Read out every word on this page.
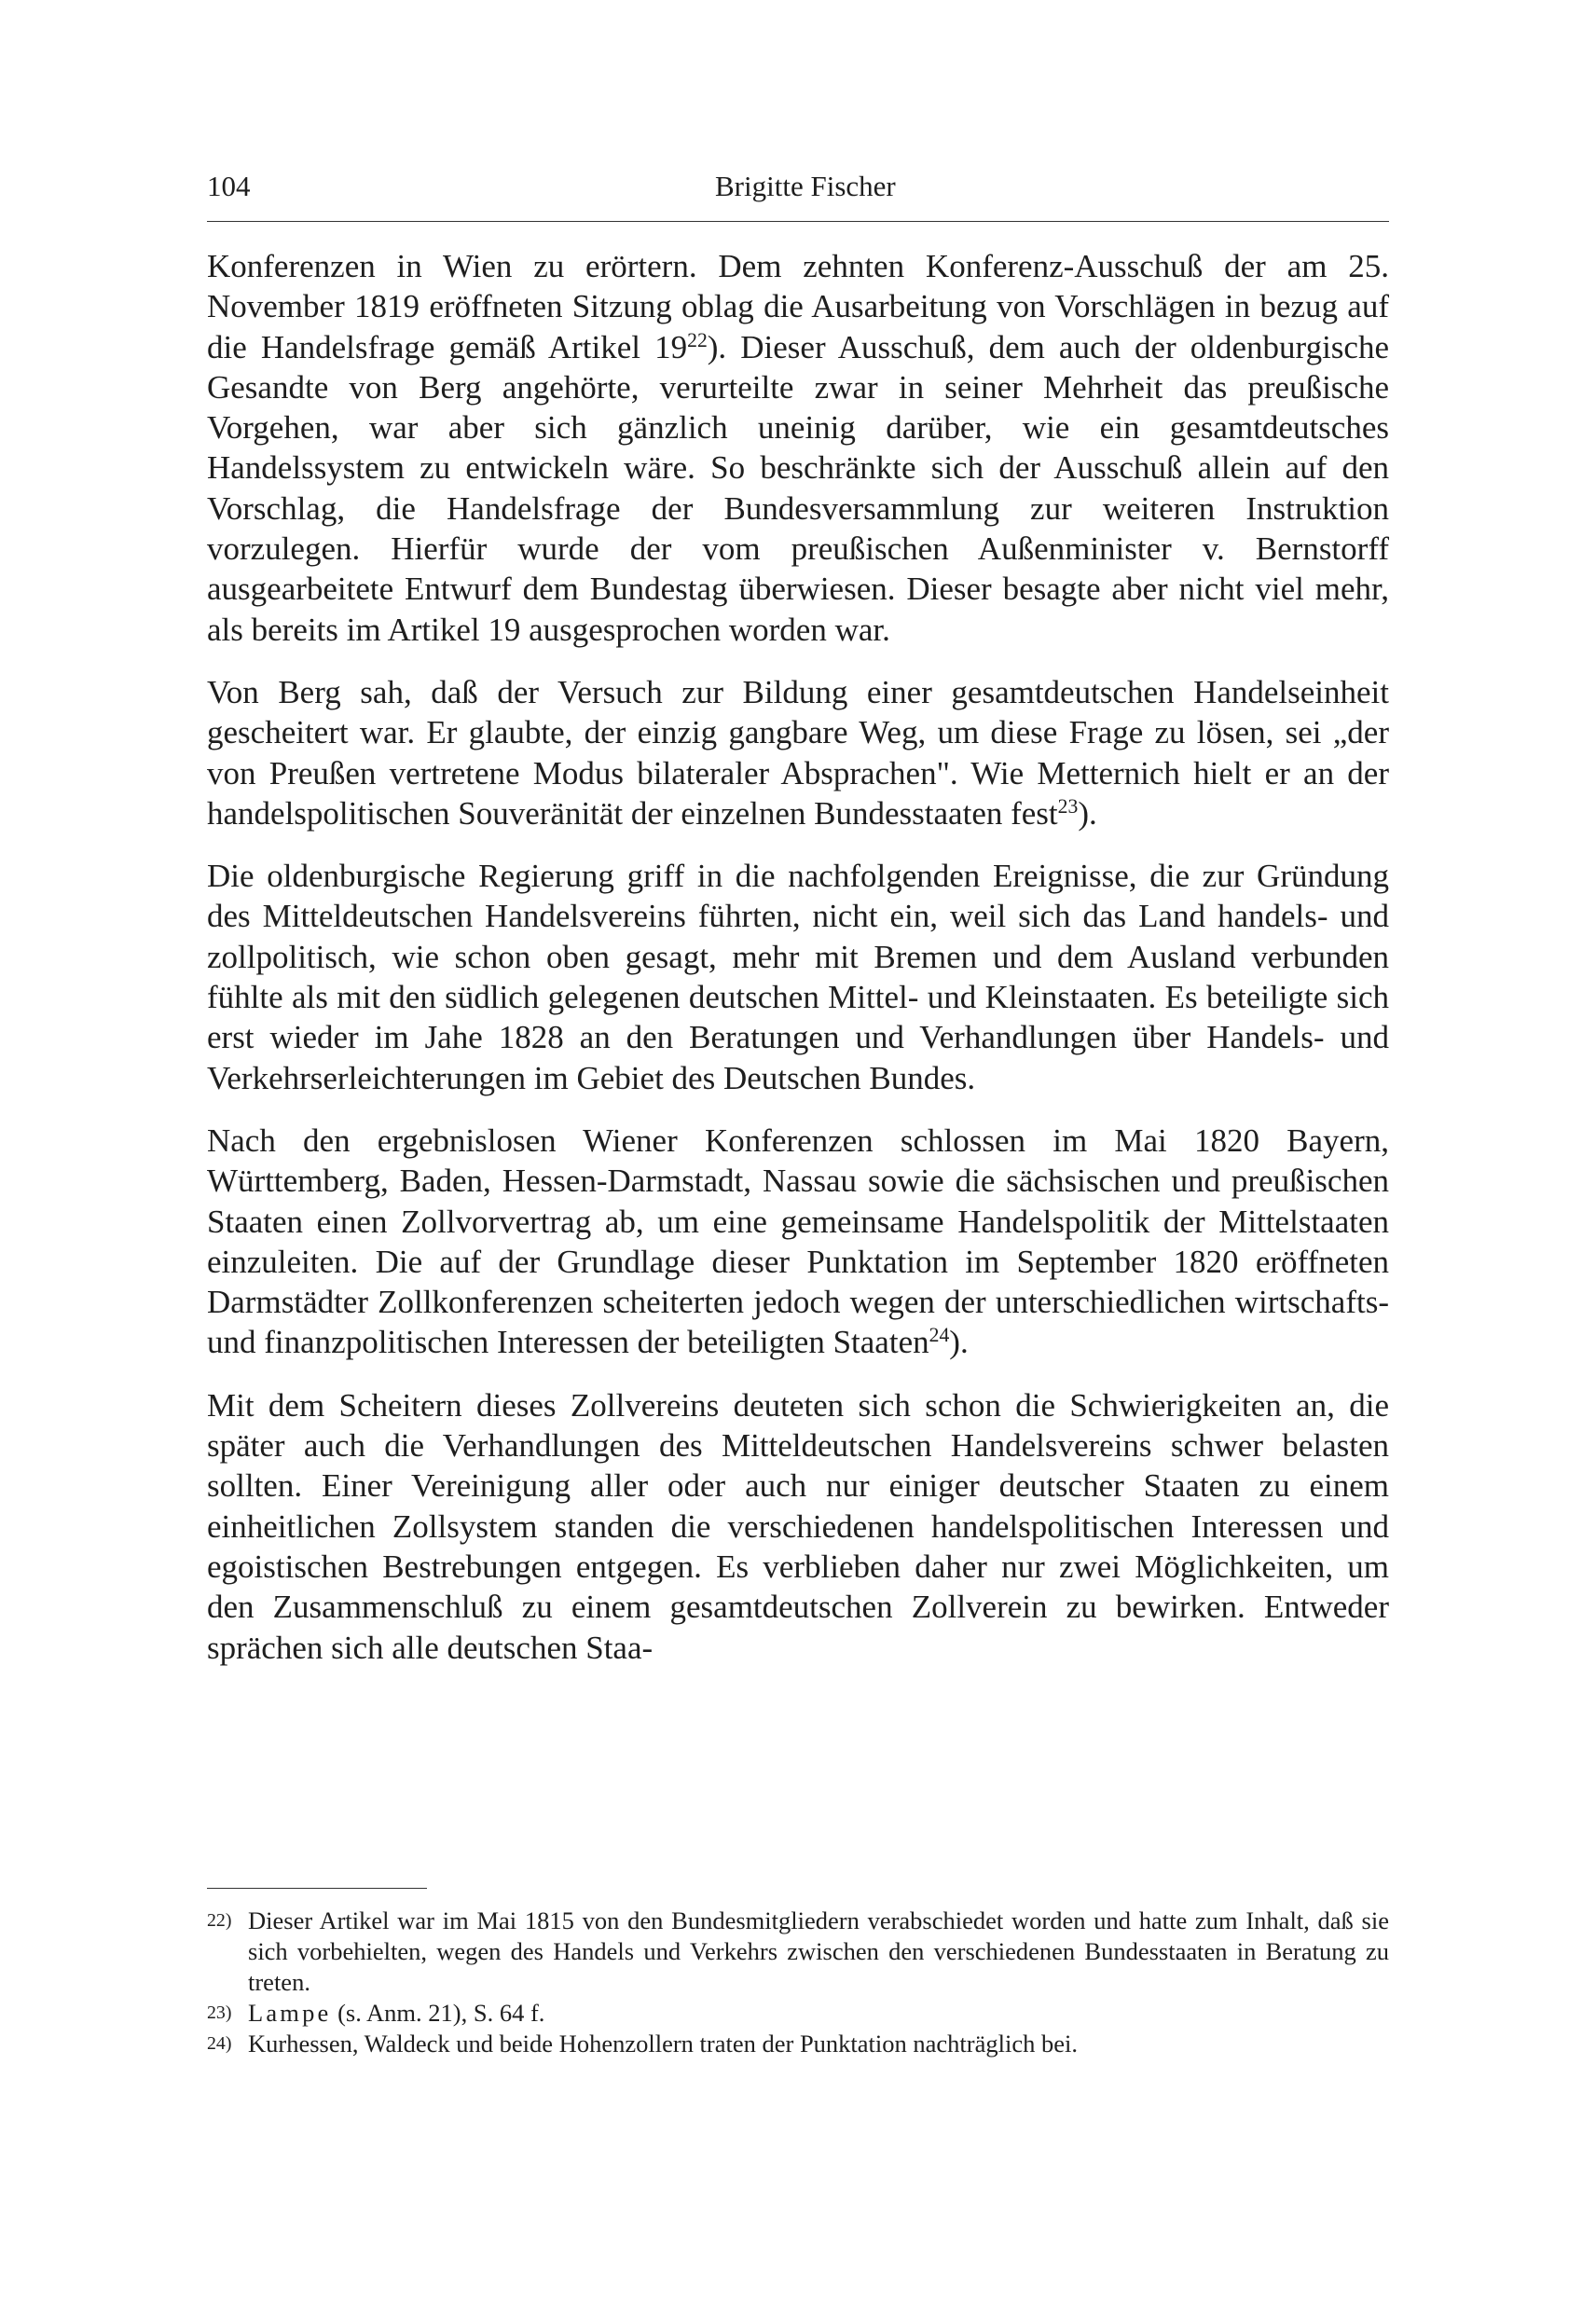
104	Brigitte Fischer

Konferenzen in Wien zu erörtern. Dem zehnten Konferenz-Ausschuß der am 25. November 1819 eröffneten Sitzung oblag die Ausarbeitung von Vorschlägen in bezug auf die Handelsfrage gemäß Artikel $19^{22}$). Dieser Ausschuß, dem auch der oldenburgische Gesandte von Berg angehörte, verurteilte zwar in seiner Mehrheit das preußische Vorgehen, war aber sich gänzlich uneinig darüber, wie ein gesamtdeutsches Handelssystem zu entwickeln wäre. So beschränkte sich der Ausschuß allein auf den Vorschlag, die Handelsfrage der Bundesversammlung zur weiteren Instruktion vorzulegen. Hierfür wurde der vom preußischen Außenminister v. Bernstorff ausgearbeitete Entwurf dem Bundestag überwiesen. Dieser besagte aber nicht viel mehr, als bereits im Artikel 19 ausgesprochen worden war.

Von Berg sah, daß der Versuch zur Bildung einer gesamtdeutschen Handelseinheit gescheitert war. Er glaubte, der einzig gangbare Weg, um diese Frage zu lösen, sei „der von Preußen vertretene Modus bilateraler Absprachen". Wie Metternich hielt er an der handelspolitischen Souveränität der einzelnen Bundesstaaten fest$^{23}$).

Die oldenburgische Regierung griff in die nachfolgenden Ereignisse, die zur Gründung des Mitteldeutschen Handelsvereins führten, nicht ein, weil sich das Land handels- und zollpolitisch, wie schon oben gesagt, mehr mit Bremen und dem Ausland verbunden fühlte als mit den südlich gelegenen deutschen Mittel- und Kleinstaaten. Es beteiligte sich erst wieder im Jahe 1828 an den Beratungen und Verhandlungen über Handels- und Verkehrserleichterungen im Gebiet des Deutschen Bundes.

Nach den ergebnislosen Wiener Konferenzen schlossen im Mai 1820 Bayern, Württemberg, Baden, Hessen-Darmstadt, Nassau sowie die sächsischen und preußischen Staaten einen Zollvorvertrag ab, um eine gemeinsame Handelspolitik der Mittelstaaten einzuleiten. Die auf der Grundlage dieser Punktation im September 1820 eröffneten Darmstädter Zollkonferenzen scheiterten jedoch wegen der unterschiedlichen wirtschafts- und finanzpolitischen Interessen der beteiligten Staaten$^{24}$).

Mit dem Scheitern dieses Zollvereins deuteten sich schon die Schwierigkeiten an, die später auch die Verhandlungen des Mitteldeutschen Handelsvereins schwer belasten sollten. Einer Vereinigung aller oder auch nur einiger deutscher Staaten zu einem einheitlichen Zollsystem standen die verschiedenen handelspolitischen Interessen und egoistischen Bestrebungen entgegen. Es verblieben daher nur zwei Möglichkeiten, um den Zusammenschluß zu einem gesamtdeutschen Zollverein zu bewirken. Entweder sprächen sich alle deutschen Staa-

22) Dieser Artikel war im Mai 1815 von den Bundesmitgliedern verabschiedet worden und hatte zum Inhalt, daß sie sich vorbehielten, wegen des Handels und Verkehrs zwischen den verschiedenen Bundesstaaten in Beratung zu treten.
23) Lampe (s. Anm. 21), S. 64 f.
24) Kurhessen, Waldeck und beide Hohenzollern traten der Punktation nachträglich bei.
